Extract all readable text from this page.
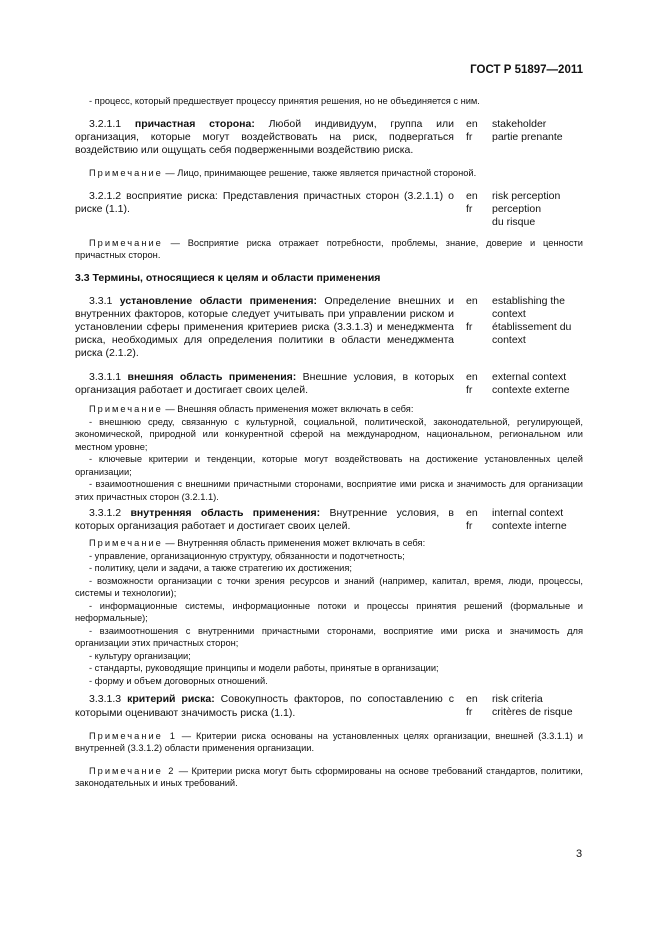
ГОСТ Р 51897—2011

- процесс, который предшествует процессу принятия решения, но не объединяется с ним.

3.2.1.1 причастная сторона: Любой индивидуум, группа или организация, которые могут воздействовать на риск, подвергаться воздействию или ощущать себя подверженными воздействию риска.

en
fr
stakeholder
partie prenante

Примечание — Лицо, принимающее решение, также является причастной стороной.

3.2.1.2 восприятие риска: Представления причастных сторон (3.2.1.1) о риске (1.1).

en
fr
risk perception
perception
du risque

Примечание — Восприятие риска отражает потребности, проблемы, знание, доверие и ценности причастных сторон.

3.3 Термины, относящиеся к целям и области применения

3.3.1 установление области применения: Определение внешних и внутренних факторов, которые следует учитывать при управлении риском и установлении сферы применения критериев риска (3.3.1.3) и менеджмента риска, необходимых для определения политики в области менеджмента риска (2.1.2).

en

fr
establishing the
context
établissement du
context

3.3.1.1 внешняя область применения: Внешние условия, в которых организация работает и достигает своих целей.

en
fr
external context
contexte externe

Примечание — Внешняя область применения может включать в себя:

- внешнюю среду, связанную с культурной, социальной, политической, законодательной, регулирующей, экономической, природной или конкурентной сферой на международном, национальном, региональном или местном уровне;
- ключевые критерии и тенденции, которые могут воздействовать на достижение установленных целей организации;
- взаимоотношения с внешними причастными сторонами, восприятие ими риска и значимость для организации этих причастных сторон (3.2.1.1).

3.3.1.2 внутренняя область применения: Внутренние условия, в которых организация работает и достигает своих целей.

en
fr
internal context
contexte interne

Примечание — Внутренняя область применения может включать в себя:

- управление, организационную структуру, обязанности и подотчетность;
- политику, цели и задачи, а также стратегию их достижения;
- возможности организации с точки зрения ресурсов и знаний (например, капитал, время, люди, процессы, системы и технологии);
- информационные системы, информационные потоки и процессы принятия решений (формальные и неформальные);
- взаимоотношения с внутренними причастными сторонами, восприятие ими риска и значимость для организации этих причастных сторон;
- культуру организации;
- стандарты, руководящие принципы и модели работы, принятые в организации;
- форму и объем договорных отношений.

3.3.1.3 критерий риска: Совокупность факторов, по сопоставлению с которыми оценивают значимость риска (1.1).

en
fr
risk criteria
critères de risque

Примечание 1 — Критерии риска основаны на установленных целях организации, внешней (3.3.1.1) и внутренней (3.3.1.2) области применения организации.

Примечание 2 — Критерии риска могут быть сформированы на основе требований стандартов, политики, законодательных и иных требований.

3
